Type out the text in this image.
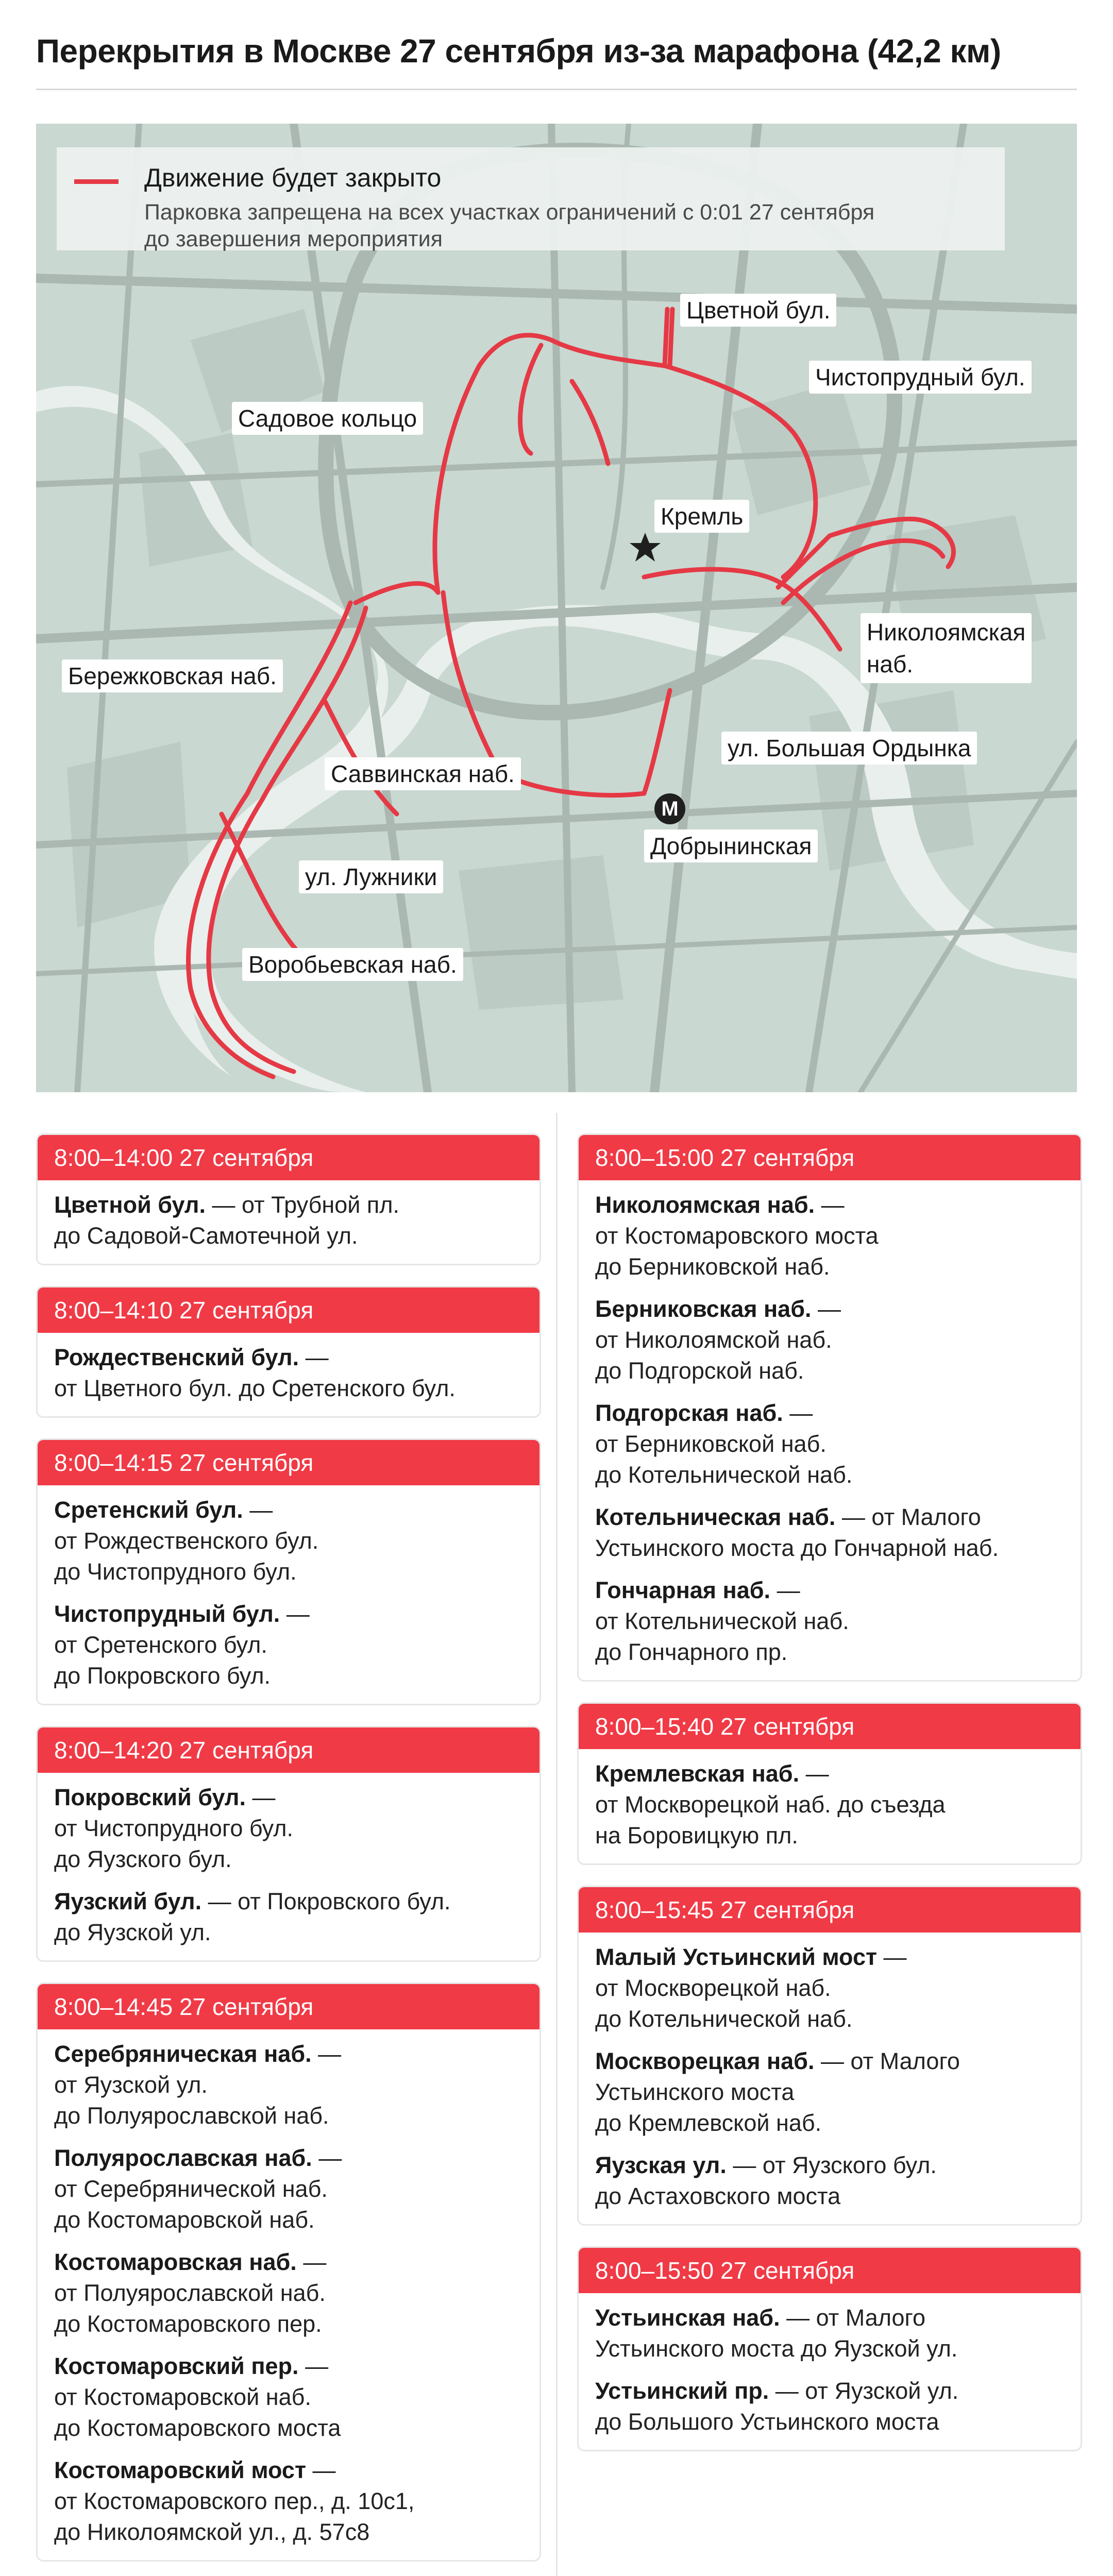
Перекрытия в Москве 27 сентября из-за марафона (42,2 км)
Движение будет закрыто
Парковка запрещена на всех участках ограничений с 0:01 27 сентября
до завершения мероприятия
Цветной бул.
Чистопрудный бул.
Садовое кольцо
Кремль
Николоямская
наб.
Бережковская наб.
Саввинская наб.
ул. Большая Ордынка
M
Добрынинская
ул. Лужники
Воробьевская наб.
8:00–14:00 27 сентября
Цветной бул. — от Трубной пл.
до Садовой-Самотечной ул.
8:00–14:10 27 сентября
Рождественский бул. —
от Цветного бул. до Сретенского бул.
8:00–14:15 27 сентября
Сретенский бул. —
от Рождественского бул.
до Чистопрудного бул.
Чистопрудный бул. —
от Сретенского бул.
до Покровского бул.
8:00–14:20 27 сентября
Покровский бул. —
от Чистопрудного бул.
до Яузского бул.
Яузский бул. — от Покровского бул.
до Яузской ул.
8:00–14:45 27 сентября
Серебряническая наб. —
от Яузской ул.
до Полуярославской наб.
Полуярославская наб. —
от Серебрянической наб.
до Костомаровской наб.
Костомаровская наб. —
от Полуярославской наб.
до Костомаровского пер.
Костомаровский пер. —
от Костомаровской наб.
до Костомаровского моста
Костомаровский мост —
от Костомаровского пер., д. 10с1,
до Николоямской ул., д. 57с8
8:00–15:00 27 сентября
Николоямская наб. —
от Костомаровского моста
до Берниковской наб.
Берниковская наб. —
от Николоямской наб.
до Подгорской наб.
Подгорская наб. —
от Берниковской наб.
до Котельнической наб.
Котельническая наб. — от Малого
Устьинского моста до Гончарной наб.
Гончарная наб. —
от Котельнической наб.
до Гончарного пр.
8:00–15:40 27 сентября
Кремлевская наб. —
от Москворецкой наб. до съезда
на Боровицкую пл.
8:00–15:45 27 сентября
Малый Устьинский мост —
от Москворецкой наб.
до Котельнической наб.
Москворецкая наб. — от Малого
Устьинского моста
до Кремлевской наб.
Яузская ул. — от Яузского бул.
до Астаховского моста
8:00–15:50 27 сентября
Устьинская наб. — от Малого
Устьинского моста до Яузской ул.
Устьинский пр. — от Яузской ул.
до Большого Устьинского моста
